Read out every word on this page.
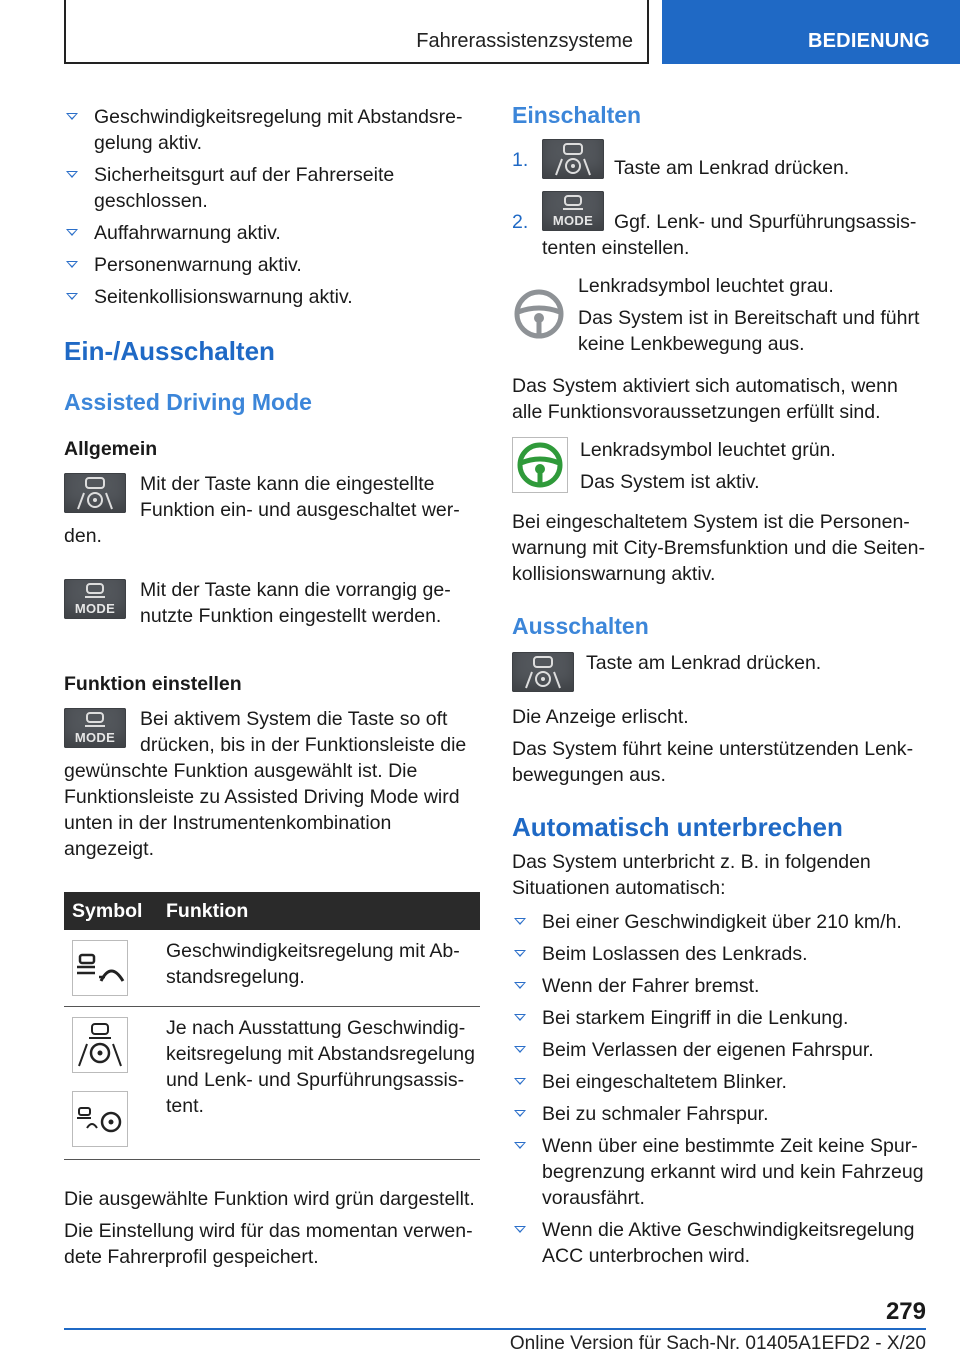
Fahrerassistenzsysteme	BEDIENUNG
Geschwindigkeitsregelung mit Abstandsregelung aktiv.
Sicherheitsgurt auf der Fahrerseite geschlossen.
Auffahrwarnung aktiv.
Personenwarnung aktiv.
Seitenkollisionswarnung aktiv.
Ein-/Ausschalten
Assisted Driving Mode
Allgemein

Mit der Taste kann die eingestellte Funktion ein- und ausgeschaltet werden.

MODE

Mit der Taste kann die vorrangig genutzte Funktion eingestellt werden.

Funktion einstellen
MODE

Bei aktivem System die Taste so oft drücken, bis in der Funktionsleiste die gewünschte Funktion ausgewählt ist. Die Funktionsleiste zu Assisted Driving Mode wird unten in der Instrumentenkombination angezeigt.

Symbol	Funktion

	Geschwindigkeitsregelung mit Abstandsregelung.

	Je nach Ausstattung Geschwindigkeitsregelung mit Abstandsregelung und Lenk- und Spurführungsassistent.

Die ausgewählte Funktion wird grün dargestellt.

Die Einstellung wird für das momentan verwendete Fahrerprofil gespeichert.

Einschalten
1.	Taste am Lenkrad drücken.
2.	MODE	Ggf. Lenk- und Spurführungsassistenten einstellen.

Lenkradsymbol leuchtet grau.

Das System ist in Bereitschaft und führt keine Lenkbewegung aus.

Das System aktiviert sich automatisch, wenn alle Funktionsvoraussetzungen erfüllt sind.

Lenkradsymbol leuchtet grün.

Das System ist aktiv.

Bei eingeschaltetem System ist die Personenwarnung mit City-Bremsfunktion und die Seitenkollisionswarnung aktiv.

Ausschalten
Taste am Lenkrad drücken.

Die Anzeige erlischt.

Das System führt keine unterstützenden Lenkbewegungen aus.

Automatisch unterbrechen

Das System unterbricht z. B. in folgenden Situationen automatisch:

Bei einer Geschwindigkeit über 210 km/h.
Beim Loslassen des Lenkrads.
Wenn der Fahrer bremst.
Bei starkem Eingriff in die Lenkung.
Beim Verlassen der eigenen Fahrspur.
Bei eingeschaltetem Blinker.
Bei zu schmaler Fahrspur.
Wenn über eine bestimmte Zeit keine Spurbegrenzung erkannt wird und kein Fahrzeug vorausfährt.
Wenn die Aktive Geschwindigkeitsregelung ACC unterbrochen wird.
279
Online Version für Sach-Nr. 01405A1EFD2 - X/20
